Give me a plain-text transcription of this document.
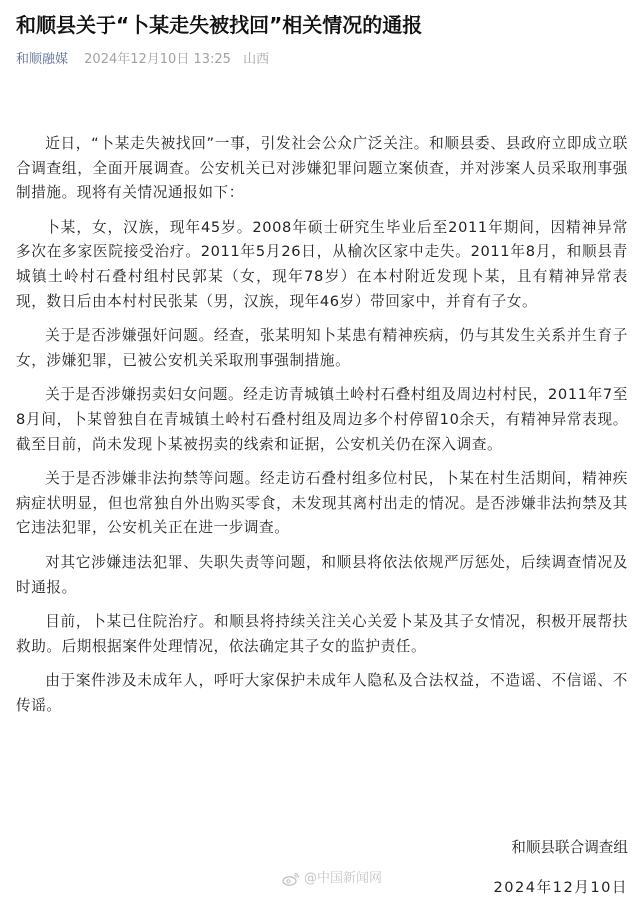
和顺县关于“卜某走失被找回”相关情况的通报
和顺融媒 2024年12月10日 13:25 山西

近日，“卜某走失被找回”一事，引发社会公众广泛关注。和顺县委、县政府立即成立联合调查组，全面开展调查。公安机关已对涉嫌犯罪问题立案侦查，并对涉案人员采取刑事强制措施。现将有关情况通报如下：

卜某，女，汉族，现年45岁。2008年硕士研究生毕业后至2011年期间，因精神异常多次在多家医院接受治疗。2011年5月26日，从榆次区家中走失。2011年8月，和顺县青城镇土岭村石叠村组村民郭某（女，现年78岁）在本村附近发现卜某，且有精神异常表现，数日后由本村村民张某（男，汉族，现年46岁）带回家中，并育有子女。

关于是否涉嫌强奸问题。经查，张某明知卜某患有精神疾病，仍与其发生关系并生育子女，涉嫌犯罪，已被公安机关采取刑事强制措施。

关于是否涉嫌拐卖妇女问题。经走访青城镇土岭村石叠村组及周边村村民，2011年7至8月间，卜某曾独自在青城镇土岭村石叠村组及周边多个村停留10余天，有精神异常表现。截至目前，尚未发现卜某被拐卖的线索和证据，公安机关仍在深入调查。

关于是否涉嫌非法拘禁等问题。经走访石叠村组多位村民，卜某在村生活期间，精神疾病症状明显，但也常独自外出购买零食，未发现其离村出走的情况。是否涉嫌非法拘禁及其它违法犯罪，公安机关正在进一步调查。

对其它涉嫌违法犯罪、失职失责等问题，和顺县将依法依规严厉惩处，后续调查情况及时通报。

目前，卜某已住院治疗。和顺县将持续关注关心关爱卜某及其子女情况，积极开展帮扶救助。后期根据案件处理情况，依法确定其子女的监护责任。

由于案件涉及未成年人，呼吁大家保护未成年人隐私及合法权益，不造谣、不信谣、不传谣。

和顺县联合调查组
2024年12月10日
@中国新闻网
